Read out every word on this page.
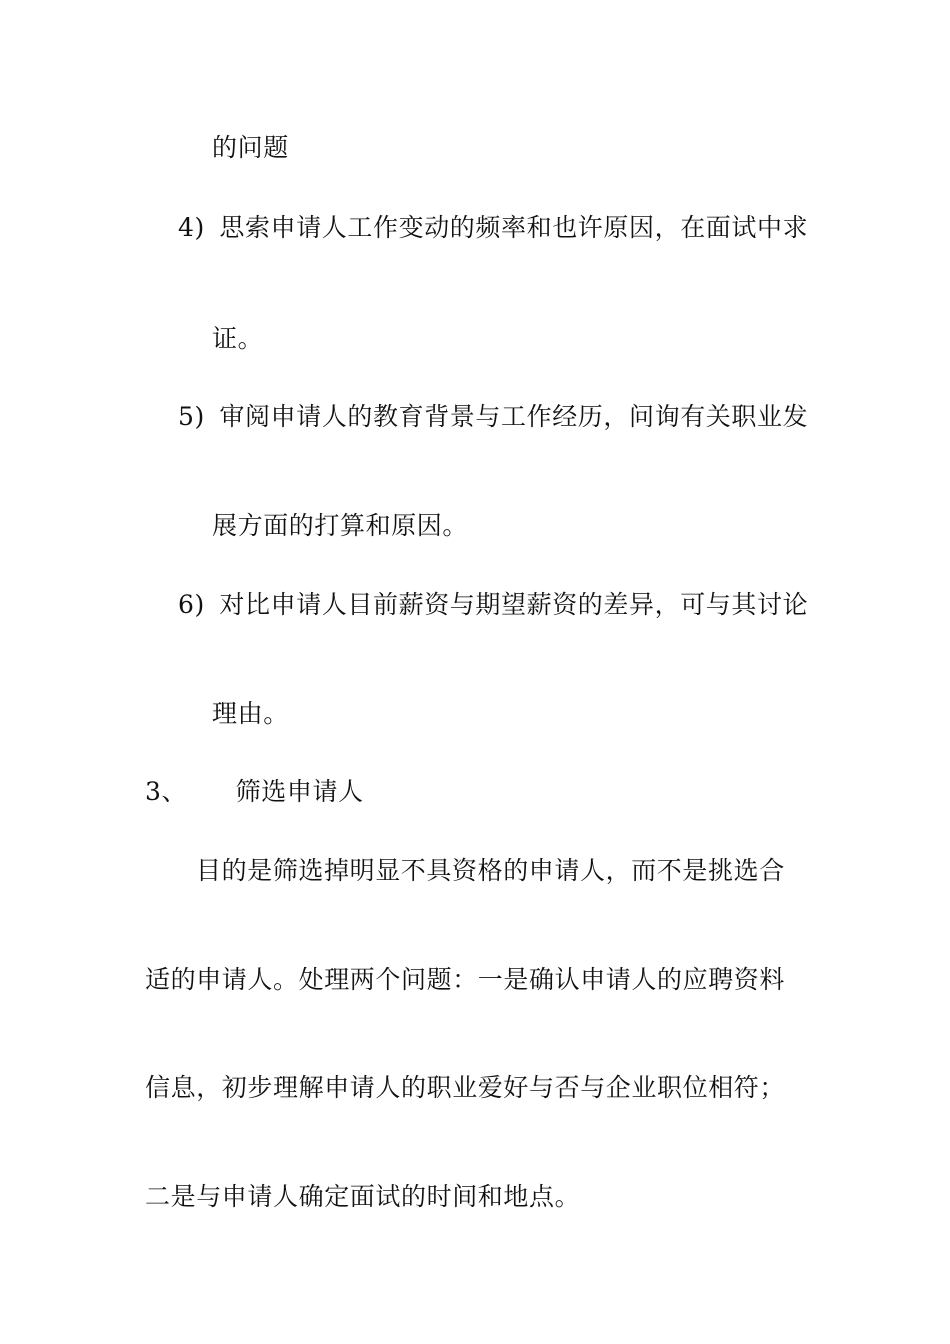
的问题
4) 思索申请人工作变动的频率和也许原因，在面试中求
证。
5) 审阅申请人的教育背景与工作经历，问询有关职业发
展方面的打算和原因。
6) 对比申请人目前薪资与期望薪资的差异，可与其讨论
理由。
3、 筛选申请人
目的是筛选掉明显不具资格的申请人，而不是挑选合
适的申请人。处理两个问题：一是确认申请人的应聘资料
信息，初步理解申请人的职业爱好与否与企业职位相符；
二是与申请人确定面试的时间和地点。
